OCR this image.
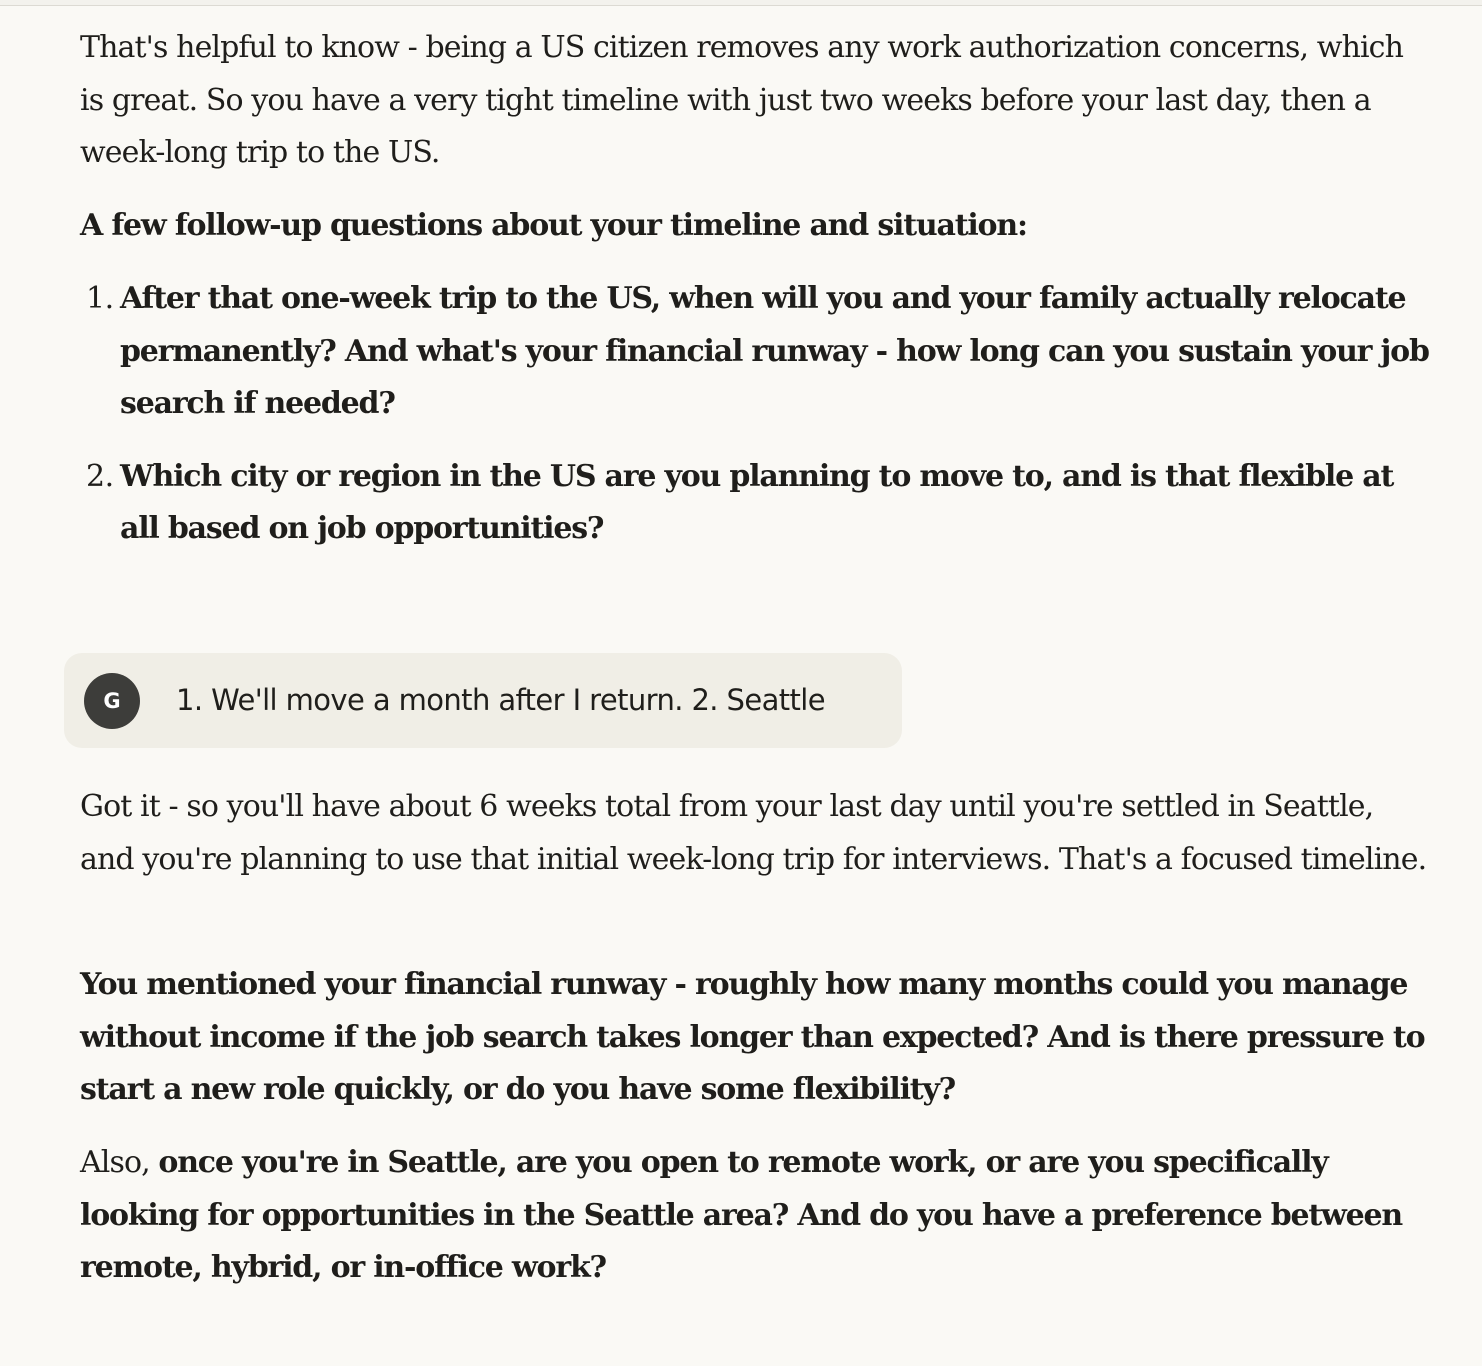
That's helpful to know - being a US citizen removes any work authorization concerns, which is great. So you have a very tight timeline with just two weeks before your last day, then a week-long trip to the US.

A few follow-up questions about your timeline and situation:

1. After that one-week trip to the US, when will you and your family actually relocate permanently? And what's your financial runway - how long can you sustain your job search if needed?

2. Which city or region in the US are you planning to move to, and is that flexible at all based on job opportunities?

G	1. We'll move a month after I return. 2. Seattle

Got it - so you'll have about 6 weeks total from your last day until you're settled in Seattle, and you're planning to use that initial week-long trip for interviews. That's a focused timeline.

You mentioned your financial runway - roughly how many months could you manage without income if the job search takes longer than expected? And is there pressure to start a new role quickly, or do you have some flexibility?

Also, once you're in Seattle, are you open to remote work, or are you specifically looking for opportunities in the Seattle area? And do you have a preference between remote, hybrid, or in-office work?
